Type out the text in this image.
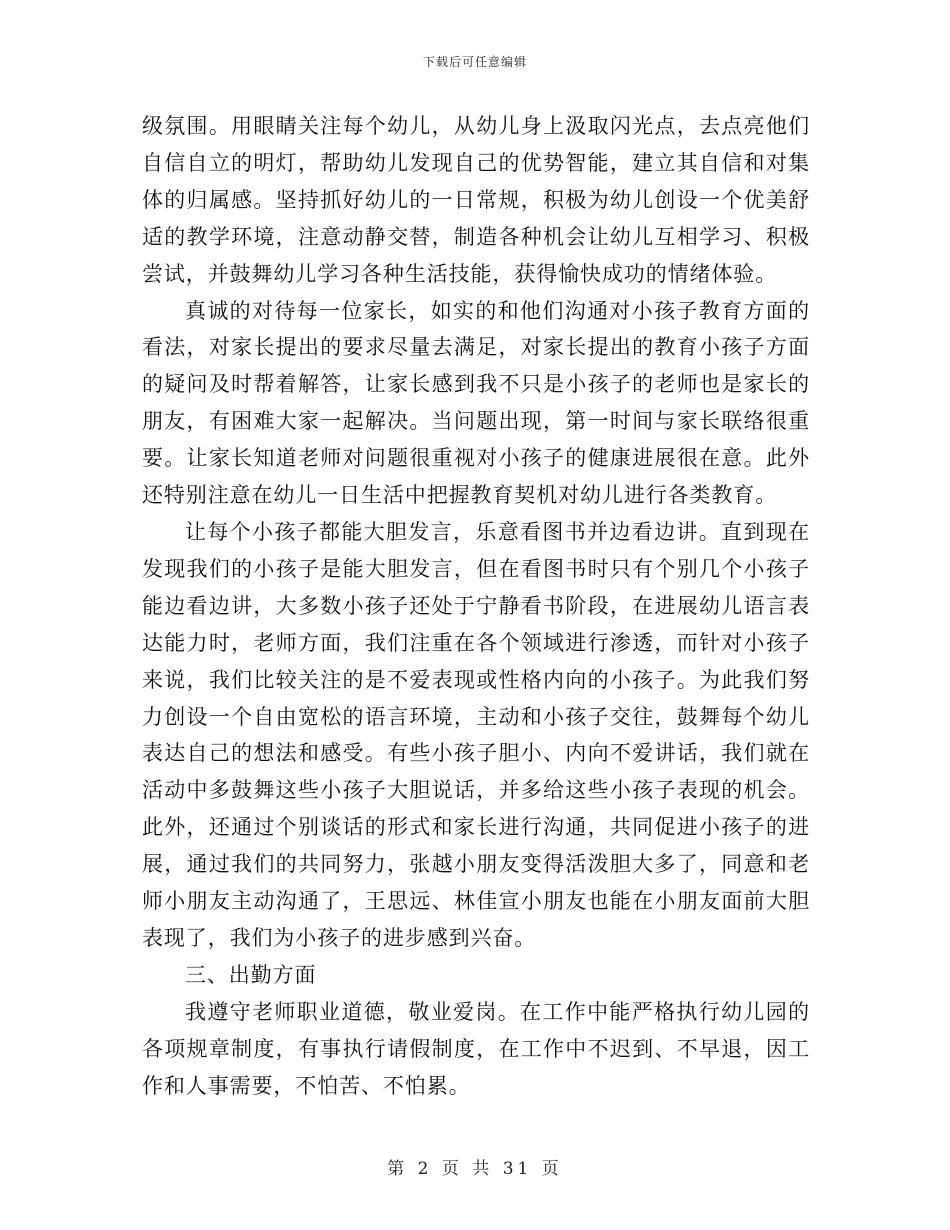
下载后可任意编辑

级氛围。用眼睛关注每个幼儿，从幼儿身上汲取闪光点，去点亮他们自信自立的明灯，帮助幼儿发现自己的优势智能，建立其自信和对集体的归属感。坚持抓好幼儿的一日常规，积极为幼儿创设一个优美舒适的教学环境，注意动静交替，制造各种机会让幼儿互相学习、积极尝试，并鼓舞幼儿学习各种生活技能，获得愉快成功的情绪体验。

真诚的对待每一位家长，如实的和他们沟通对小孩子教育方面的看法，对家长提出的要求尽量去满足，对家长提出的教育小孩子方面的疑问及时帮着解答，让家长感到我不只是小孩子的老师也是家长的朋友，有困难大家一起解决。当问题出现，第一时间与家长联络很重要。让家长知道老师对问题很重视对小孩子的健康进展很在意。此外还特别注意在幼儿一日生活中把握教育契机对幼儿进行各类教育。

让每个小孩子都能大胆发言，乐意看图书并边看边讲。直到现在发现我们的小孩子是能大胆发言，但在看图书时只有个别几个小孩子能边看边讲，大多数小孩子还处于宁静看书阶段，在进展幼儿语言表达能力时，老师方面，我们注重在各个领域进行渗透，而针对小孩子来说，我们比较关注的是不爱表现或性格内向的小孩子。为此我们努力创设一个自由宽松的语言环境，主动和小孩子交往，鼓舞每个幼儿表达自己的想法和感受。有些小孩子胆小、内向不爱讲话，我们就在活动中多鼓舞这些小孩子大胆说话，并多给这些小孩子表现的机会。此外，还通过个别谈话的形式和家长进行沟通，共同促进小孩子的进展，通过我们的共同努力，张越小朋友变得活泼胆大多了，同意和老师小朋友主动沟通了，王思远、林佳宣小朋友也能在小朋友面前大胆表现了，我们为小孩子的进步感到兴奋。

三、出勤方面

我遵守老师职业道德，敬业爱岗。在工作中能严格执行幼儿园的各项规章制度，有事执行请假制度，在工作中不迟到、不早退，因工作和人事需要，不怕苦、不怕累。

第 2 页 共 31 页
